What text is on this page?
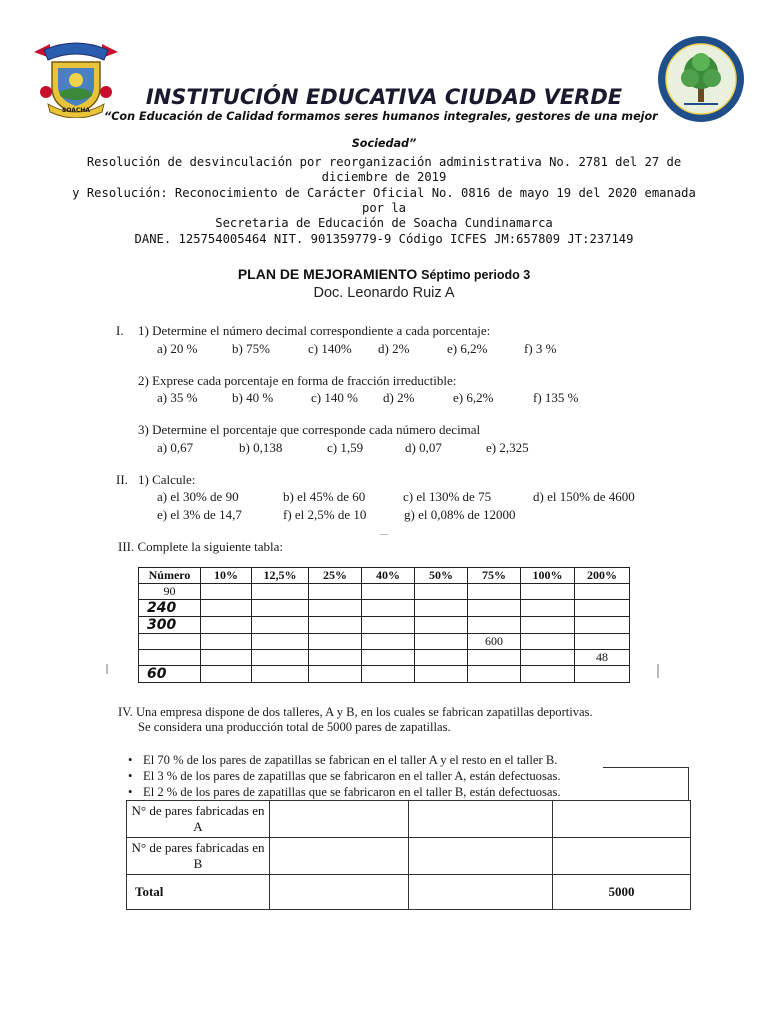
SOACHA
INSTITUCIÓN EDUCATIVA CIUDAD VERDE
“Con Educación de Calidad formamos seres humanos integrales, gestores de una mejor
Sociedad”
Resolución de desvinculación por reorganización administrativa No. 2781 del 27 de
diciembre de 2019
y Resolución: Reconocimiento de Carácter Oficial No. 0816 de mayo 19 del 2020 emanada
por la
Secretaria de Educación de Soacha Cundinamarca
DANE. 125754005464 NIT. 901359779-9 Código ICFES JM:657809 JT:237149
PLAN DE MEJORAMIENTO Séptimo periodo 3
Doc. Leonardo Ruiz A
I. 1) Determine el número decimal correspondiente a cada porcentaje:
a) 20 %	b) 75%	c) 140% d) 2%	e) 6,2%	f) 3 %
2) Exprese cada porcentaje en forma de fracción irreductible:
a) 35 %	b) 40 %	c) 140 % d) 2%	e) 6,2%	f) 135 %
3) Determine el porcentaje que corresponde cada número decimal
a) 0,67	b) 0,138	c) 1,59	d) 0,07	e) 2,325
II. 1) Calcule:
a) el 30% de 90	b) el 45% de 60	c) el 130% de 75	d) el 150% de 4600
e) el 3% de 14,7	f) el 2,5% de 10	g) el 0,08% de 12000
III. Complete la siguiente tabla:
Número	10%	12,5%	25%	40%	50%	75%	100%	200%
90								
240								
300								
						600		
								48
60								
IV. Una empresa dispone de dos talleres, A y B, en los cuales se fabrican zapatillas deportivas.
Se considera una producción total de 5000 pares de zapatillas.
• El 70 % de los pares de zapatillas se fabrican en el taller A y el resto en el taller B.
• El 3 % de los pares de zapatillas que se fabricaron en el taller A, están defectuosas.
• El 2 % de los pares de zapatillas que se fabricaron en el taller B, están defectuosas.
N° de pares fabricadas en A			
N° de pares fabricadas en B			
Total			5000
